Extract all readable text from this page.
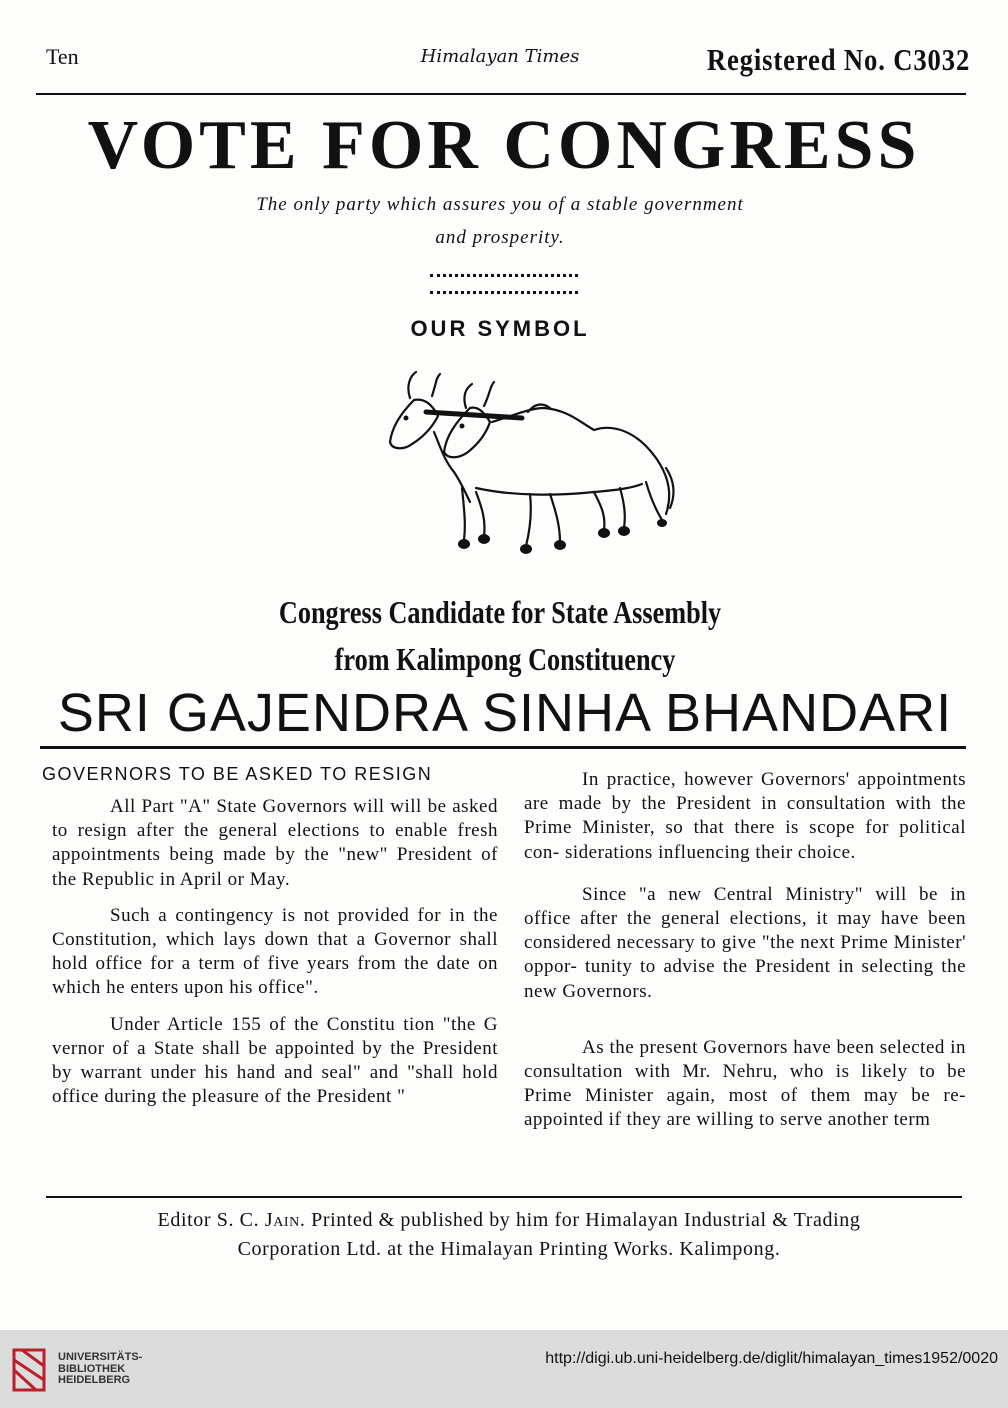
Ten	Himalayan Times	Registered No. C3032
VOTE FOR CONGRESS
The only party which assures you of a stable government
and prosperity.
OUR SYMBOL
Congress Candidate for State Assembly
from Kalimpong Constituency
SRI GAJENDRA SINHA BHANDARI
GOVERNORS TO BE ASKED TO RESIGN

All Part "A" State Governors will will be asked to resign after the general elections to enable fresh appointments being made by the "new" President of the Republic in April or May.

Such a contingency is not provided for in the Constitution, which lays down that a Governor shall hold office for a term of five years from the date on which he enters upon his office".

Under Article 155 of the Constitu tion "the G vernor of a State shall be appointed by the President by warrant under his hand and seal" and "shall hold office during the pleasure of the President "

In practice, however Governors' appointments are made by the President in consultation with the Prime Minister, so that there is scope for political con- siderations influencing their choice.

Since "a new Central Ministry" will be in office after the general elections, it may have been considered necessary to give "the next Prime Minister' oppor- tunity to advise the President in selecting the new Governors.

As the present Governors have been selected in consultation with Mr. Nehru, who is likely to be Prime Minister again, most of them may be re-appointed if they are willing to serve another term

Editor S. C. Jain. Printed & published by him for Himalayan Industrial & Trading
Corporation Ltd. at the Himalayan Printing Works. Kalimpong.
UNIVERSITÄTS-
BIBLIOTHEK
HEIDELBERG
http://digi.ub.uni-heidelberg.de/diglit/himalayan_times1952/0020
